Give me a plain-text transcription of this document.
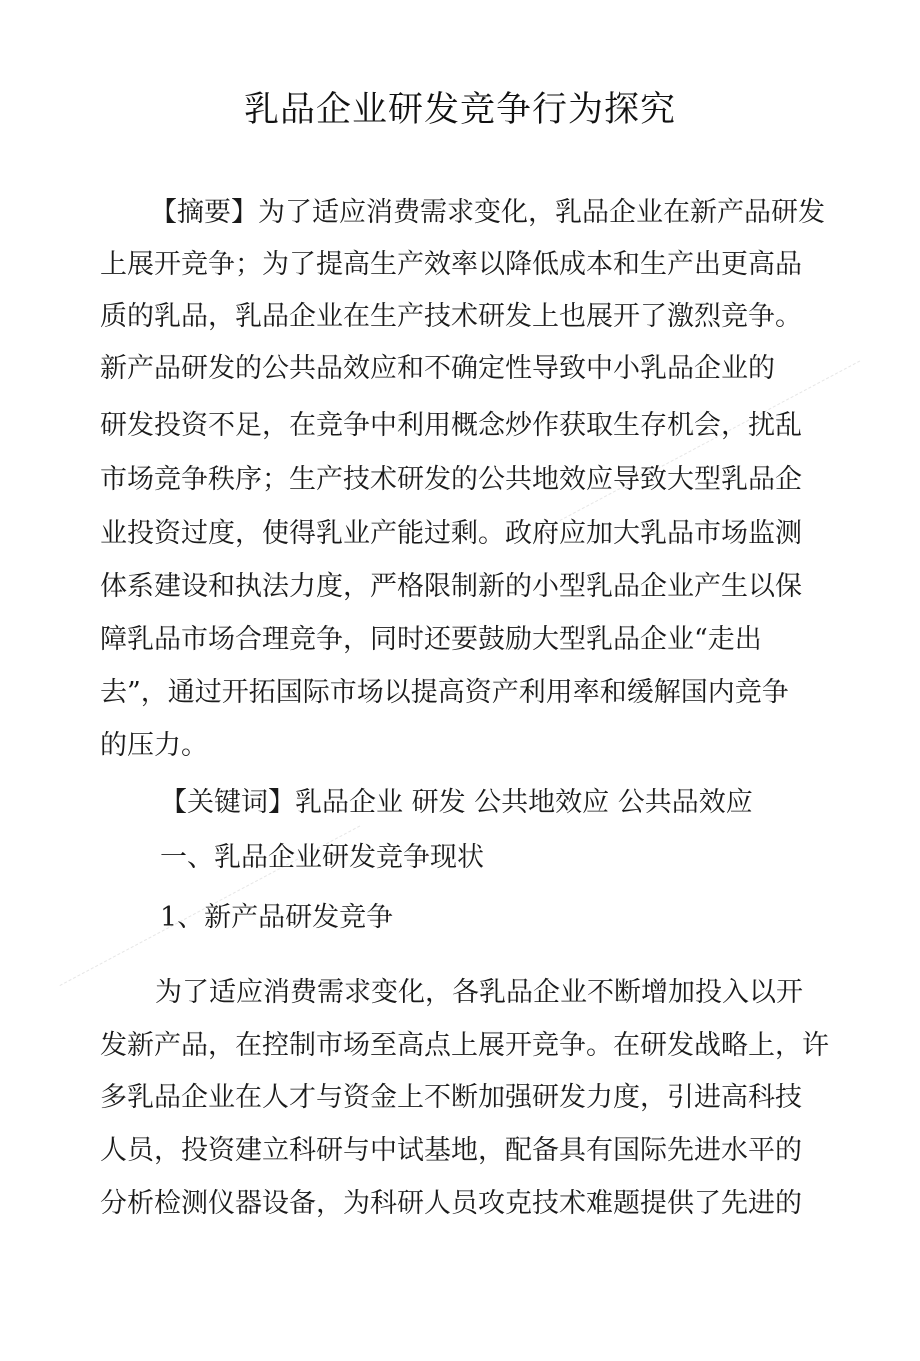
乳品企业研发竞争行为探究

【摘要】为了适应消费需求变化，乳品企业在新产品研发

上展开竞争；为了提高生产效率以降低成本和生产出更高品

质的乳品，乳品企业在生产技术研发上也展开了激烈竞争。

新产品研发的公共品效应和不确定性导致中小乳品企业的

研发投资不足，在竞争中利用概念炒作获取生存机会，扰乱

市场竞争秩序；生产技术研发的公共地效应导致大型乳品企

业投资过度，使得乳业产能过剩。政府应加大乳品市场监测

体系建设和执法力度，严格限制新的小型乳品企业产生以保

障乳品市场合理竞争，同时还要鼓励大型乳品企业“走出

去”，通过开拓国际市场以提高资产利用率和缓解国内竞争

的压力。

【关键词】乳品企业 研发 公共地效应 公共品效应

一、乳品企业研发竞争现状

1、新产品研发竞争

为了适应消费需求变化，各乳品企业不断增加投入以开

发新产品，在控制市场至高点上展开竞争。在研发战略上，许

多乳品企业在人才与资金上不断加强研发力度，引进高科技

人员，投资建立科研与中试基地，配备具有国际先进水平的

分析检测仪器设备，为科研人员攻克技术难题提供了先进的
